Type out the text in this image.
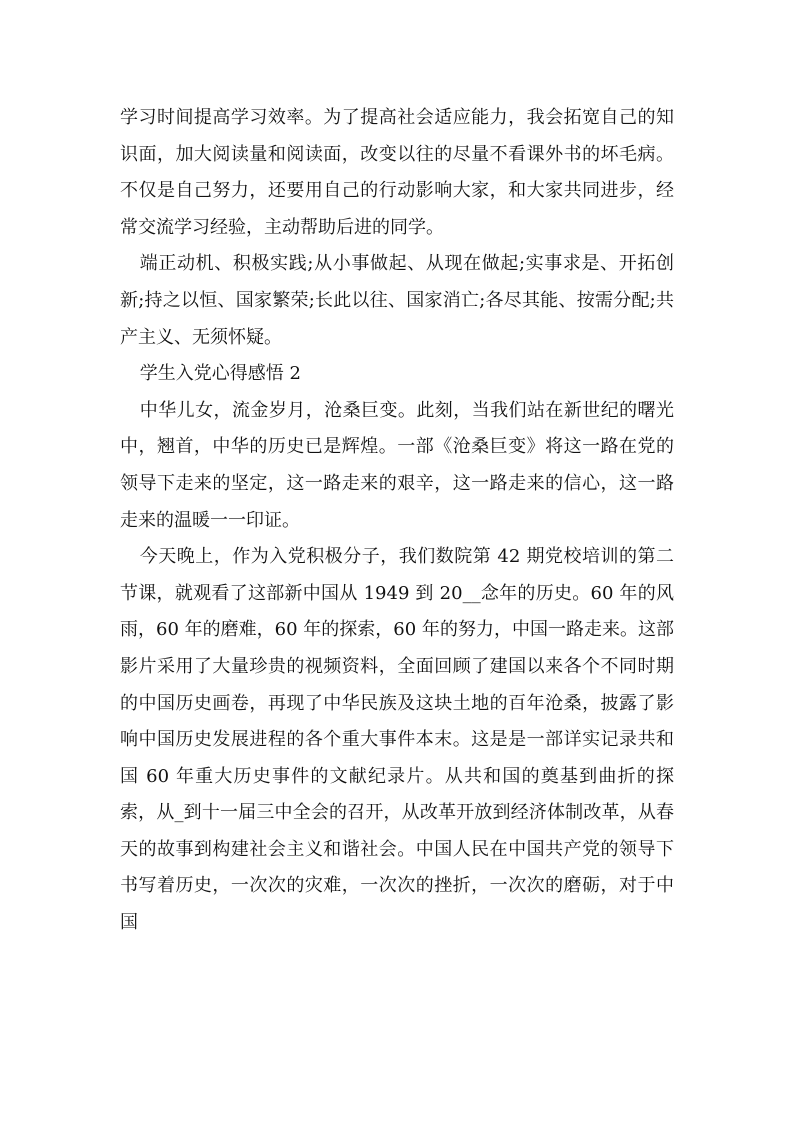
学习时间提高学习效率。为了提高社会适应能力，我会拓宽自己的知识面，加大阅读量和阅读面，改变以往的尽量不看课外书的坏毛病。不仅是自己努力，还要用自己的行动影响大家，和大家共同进步，经常交流学习经验，主动帮助后进的同学。

端正动机、积极实践;从小事做起、从现在做起;实事求是、开拓创新;持之以恒、国家繁荣;长此以往、国家消亡;各尽其能、按需分配;共产主义、无须怀疑。

学生入党心得感悟 2

中华儿女，流金岁月，沧桑巨变。此刻，当我们站在新世纪的曙光中，翘首，中华的历史已是辉煌。一部《沧桑巨变》将这一路在党的领导下走来的坚定，这一路走来的艰辛，这一路走来的信心，这一路走来的温暖一一印证。

今天晚上，作为入党积极分子，我们数院第 42 期党校培训的第二节课，就观看了这部新中国从 1949 到 20__念年的历史。60 年的风雨，60 年的磨难，60 年的探索，60 年的努力，中国一路走来。这部影片采用了大量珍贵的视频资料，全面回顾了建国以来各个不同时期的中国历史画卷，再现了中华民族及这块土地的百年沧桑，披露了影响中国历史发展进程的各个重大事件本末。这是是一部详实记录共和国 60 年重大历史事件的文献纪录片。从共和国的奠基到曲折的探索，从_到十一届三中全会的召开，从改革开放到经济体制改革，从春天的故事到构建社会主义和谐社会。中国人民在中国共产党的领导下书写着历史，一次次的灾难，一次次的挫折，一次次的磨砺，对于中国
